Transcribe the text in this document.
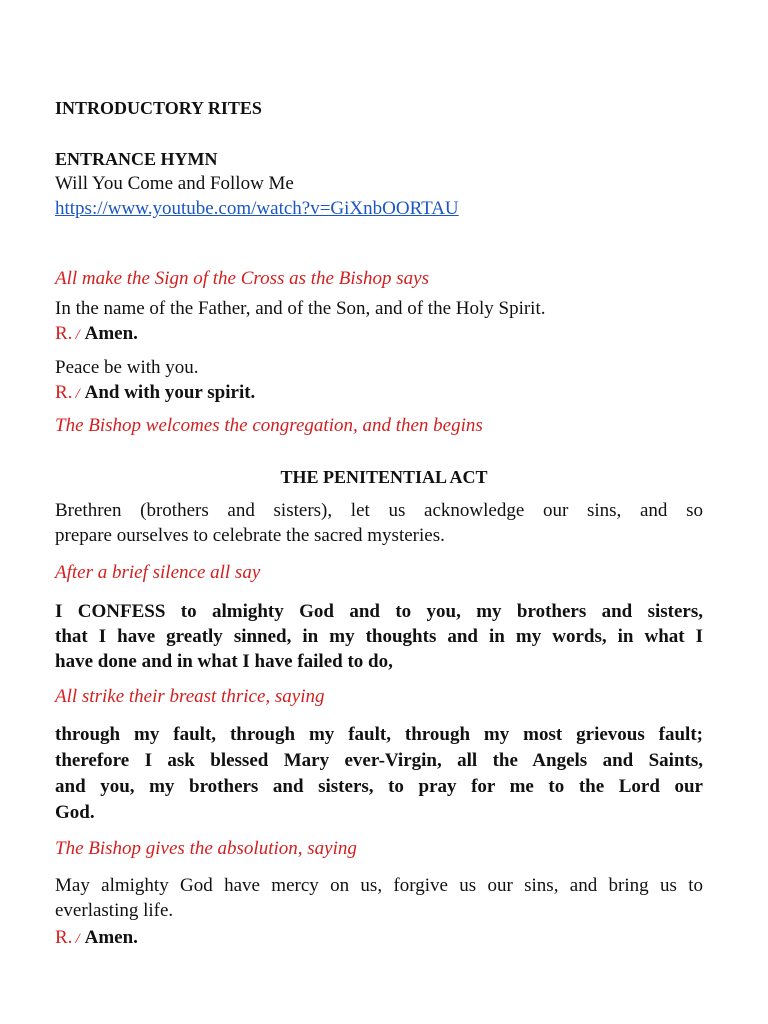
INTRODUCTORY RITES

ENTRANCE HYMN

Will You Come and Follow Me

https://www.youtube.com/watch?v=GiXnbOORTAU

All make the Sign of the Cross as the Bishop says

In the name of the Father, and of the Son, and of the Holy Spirit.

R. / Amen.

Peace be with you.

R. / And with your spirit.

The Bishop welcomes the congregation, and then begins

THE PENITENTIAL ACT

Brethren (brothers and sisters), let us acknowledge our sins, and so

prepare ourselves to celebrate the sacred mysteries.

After a brief silence all say

I CONFESS to almighty God and to you, my brothers and sisters,

that I have greatly sinned, in my thoughts and in my words, in what I

have done and in what I have failed to do,

All strike their breast thrice, saying

through my fault, through my fault, through my most grievous fault;

therefore I ask blessed Mary ever-Virgin, all the Angels and Saints,

and you, my brothers and sisters, to pray for me to the Lord our

God.

The Bishop gives the absolution, saying

May almighty God have mercy on us, forgive us our sins, and bring us to

everlasting life.

R. / Amen.
